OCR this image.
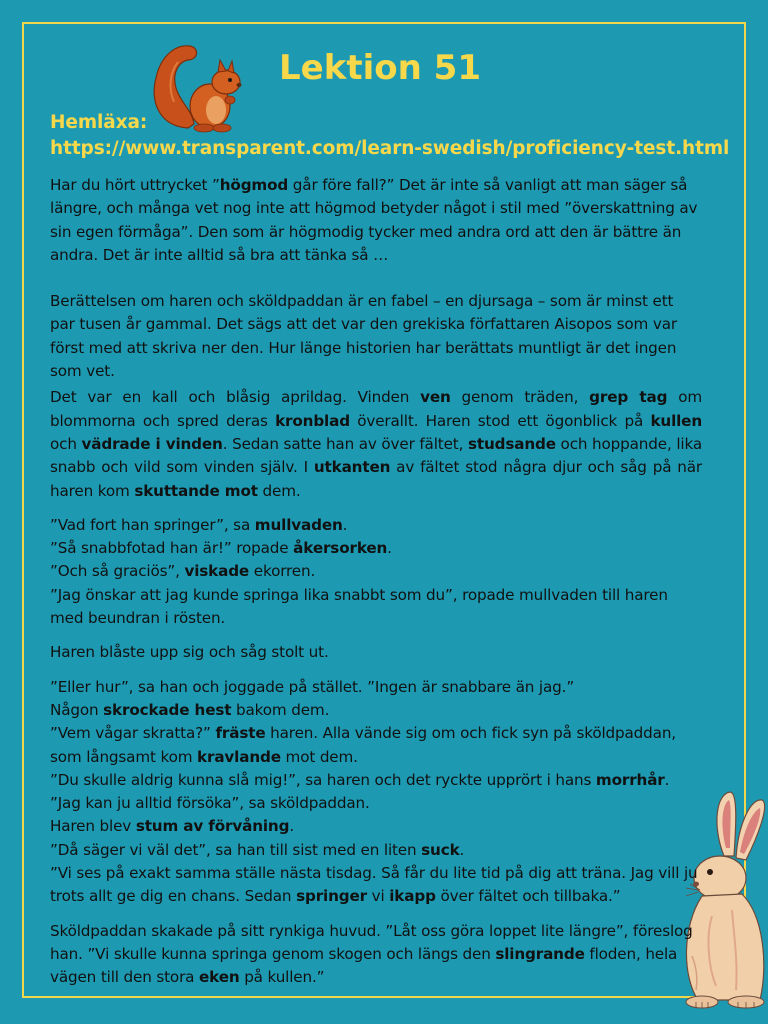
Lektion 51
Hemläxa:
https://www.transparent.com/learn-swedish/proficiency-test.html

Har du hört uttrycket ”högmod går före fall?” Det är inte så vanligt att man säger så längre, och många vet nog inte att högmod betyder något i stil med ”överskattning av sin egen förmåga”. Den som är högmodig tycker med andra ord att den är bättre än andra. Det är inte alltid så bra att tänka så …

Berättelsen om haren och sköldpaddan är en fabel – en djursaga – som är minst ett par tusen år gammal. Det sägs att det var den grekiska författaren Aisopos som var först med att skriva ner den. Hur länge historien har berättats muntligt är det ingen som vet.

Det var en kall och blåsig aprildag. Vinden ven genom träden, grep tag om blommorna och spred deras kronblad överallt. Haren stod ett ögonblick på kullen och vädrade i vinden. Sedan satte han av över fältet, studsande och hoppande, lika snabb och vild som vinden själv. I utkanten av fältet stod några djur och såg på när haren kom skuttande mot dem.

”Vad fort han springer”, sa mullvaden.
”Så snabbfotad han är!” ropade åkersorken.
”Och så graciös”, viskade ekorren.
”Jag önskar att jag kunde springa lika snabbt som du”, ropade mullvaden till haren med beundran i rösten.

Haren blåste upp sig och såg stolt ut.

”Eller hur”, sa han och joggade på stället. ”Ingen är snabbare än jag.”
Någon skrockade hest bakom dem.
”Vem vågar skratta?” fräste haren. Alla vände sig om och fick syn på sköldpaddan, som långsamt kom kravlande mot dem.
”Du skulle aldrig kunna slå mig!”, sa haren och det ryckte upprört i hans morrhår.
”Jag kan ju alltid försöka”, sa sköldpaddan.
Haren blev stum av förvåning.
”Då säger vi väl det”, sa han till sist med en liten suck.
”Vi ses på exakt samma ställe nästa tisdag. Så får du lite tid på dig att träna. Jag vill ju trots allt ge dig en chans. Sedan springer vi ikapp över fältet och tillbaka.”

Sköldpaddan skakade på sitt rynkiga huvud. ”Låt oss göra loppet lite längre”, föreslog han. ”Vi skulle kunna springa genom skogen och längs den slingrande floden, hela vägen till den stora eken på kullen.”
